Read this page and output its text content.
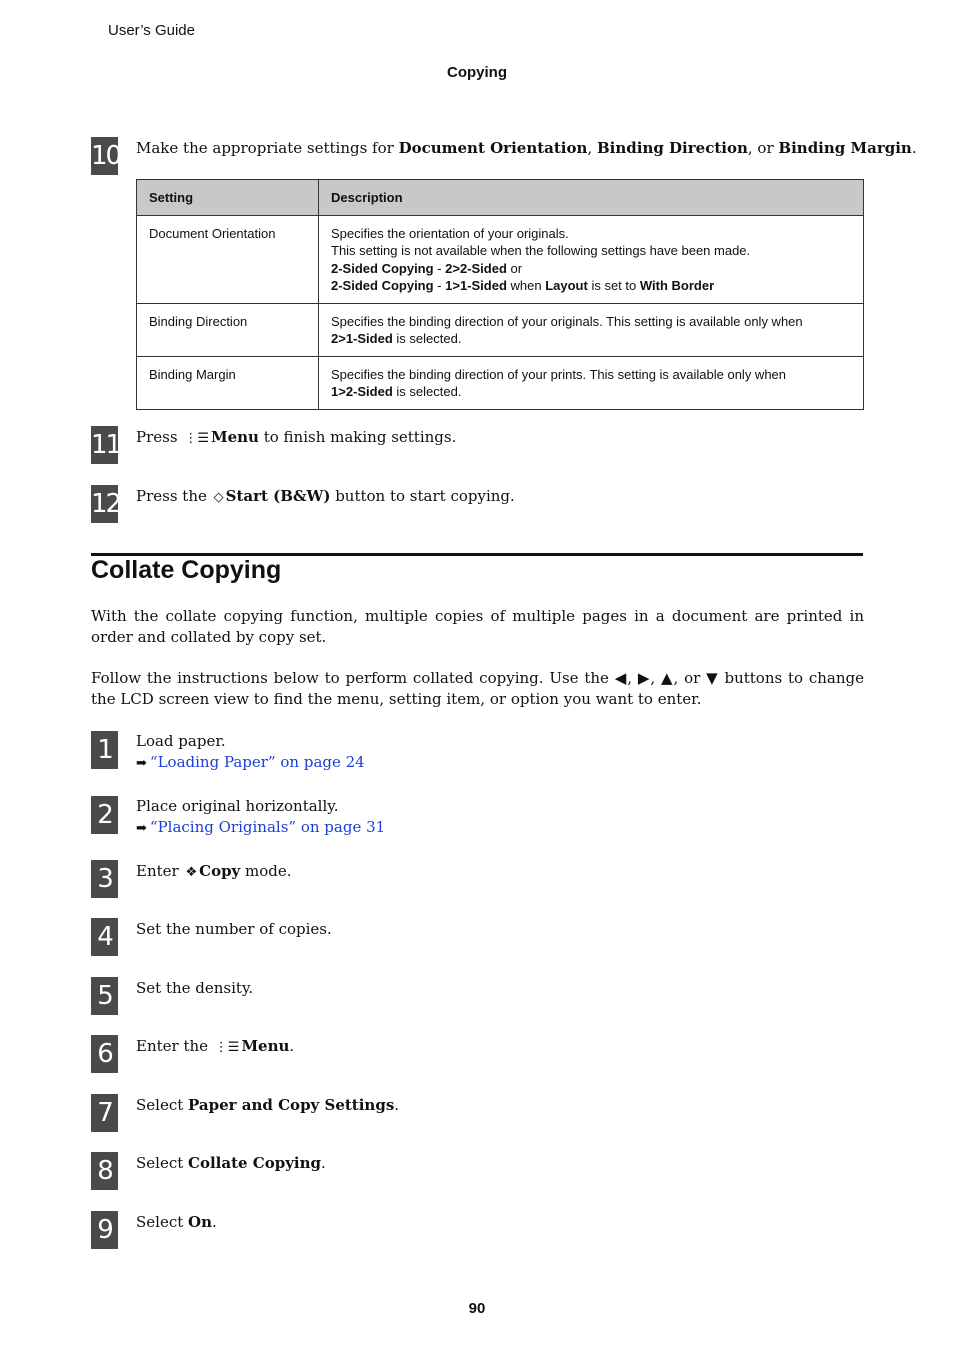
User’s Guide
Copying
10 Make the appropriate settings for Document Orientation, Binding Direction, or Binding Margin.
Setting	Description
Document Orientation	Specifies the orientation of your originals.
This setting is not available when the following settings have been made.
2-Sided Copying - 2>2-Sided or
2-Sided Copying - 1>1-Sided when Layout is set to With Border

Binding Direction	Specifies the binding direction of your originals. This setting is available only when
2>1-Sided is selected.

Binding Margin	Specifies the binding direction of your prints. This setting is available only when
1>2-Sided is selected.
11 Press ⋮☰ Menu to finish making settings.
12 Press the ◇ Start (B&W) button to start copying.
Collate Copying
With the collate copying function, multiple copies of multiple pages in a document are printed in order and collated by copy set.
Follow the instructions below to perform collated copying. Use the ◀, ▶, ▲, or ▼ buttons to change the LCD screen view to find the menu, setting item, or option you want to enter.
1	Load paper.
➡ “Loading Paper” on page 24
2	Place original horizontally.
➡ “Placing Originals” on page 31
3	Enter ❖ Copy mode.
4	Set the number of copies.
5	Set the density.
6	Enter the ⋮☰ Menu.
7	Select Paper and Copy Settings.
8	Select Collate Copying.
9	Select On.
90
